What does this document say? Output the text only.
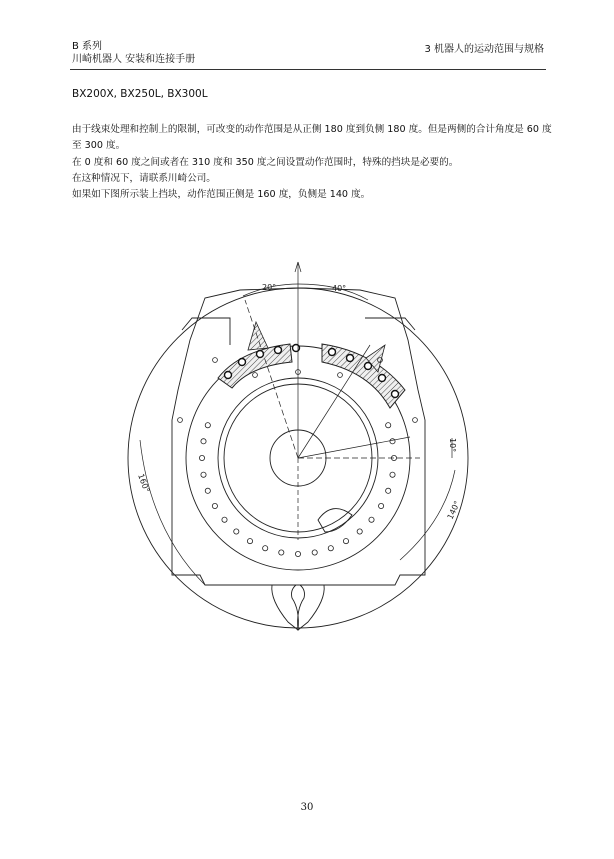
B 系列
川崎机器人 安装和连接手册
3 机器人的运动范围与规格
BX200X, BX250L, BX300L

由于线束处理和控制上的限制，可改变的动作范围是从正侧 180 度到负侧 180 度。但是两侧的合计角度是 60 度至 300 度。

在 0 度和 60 度之间或者在 310 度和 350 度之间设置动作范围时，特殊的挡块是必要的。

在这种情况下，请联系川崎公司。

如果如下图所示装上挡块，动作范围正侧是 160 度，负侧是 140 度。

20°	40°
10°
160°
140°
30
